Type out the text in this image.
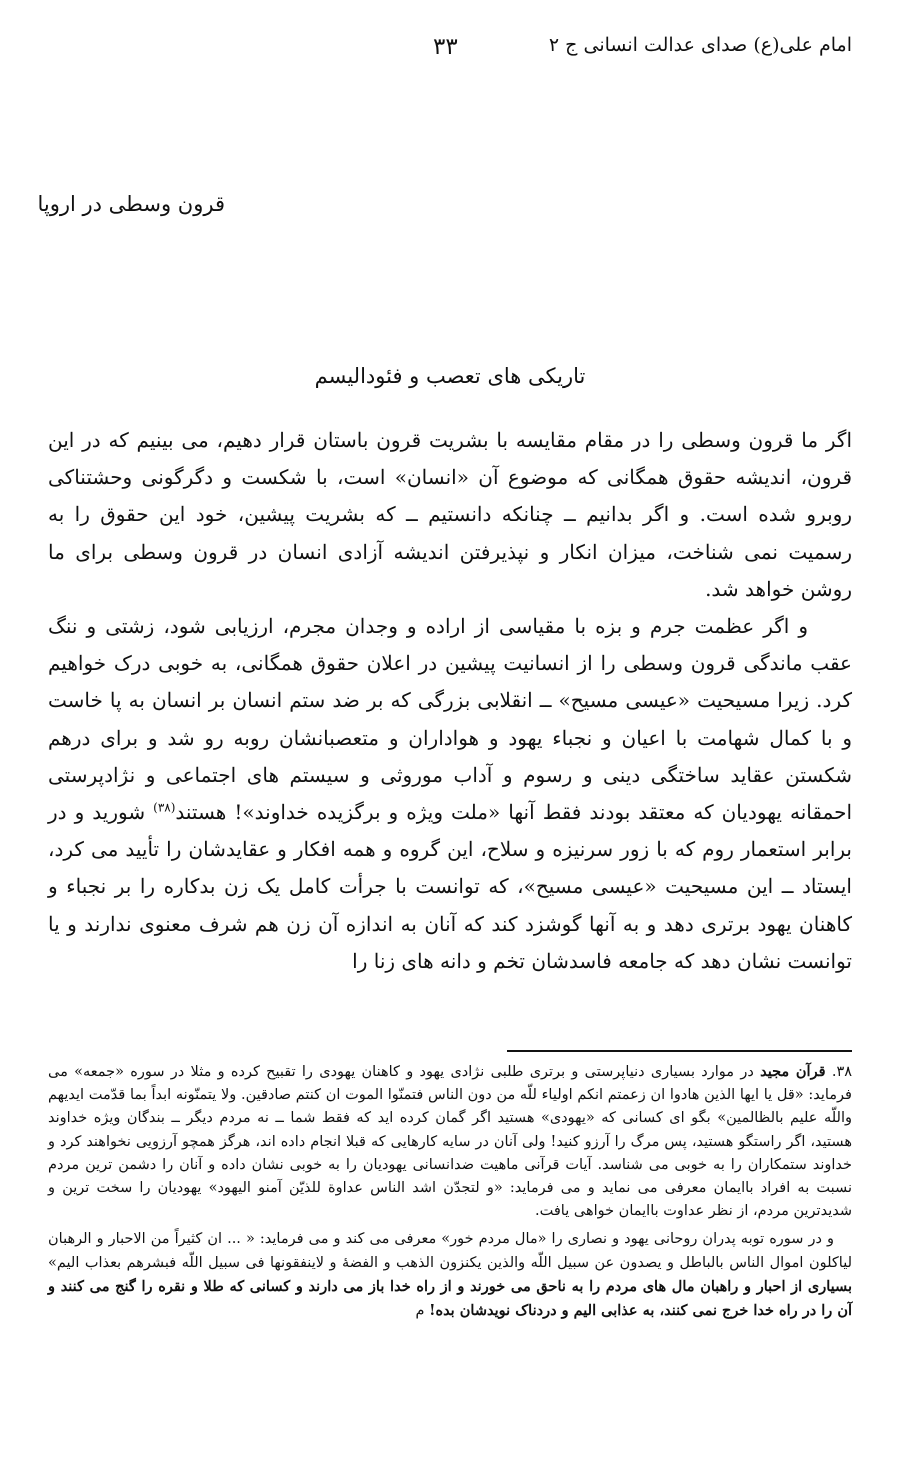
امام علی(ع) صدای عدالت انسانی ج ۲
۳۳
قرون وسطی در اروپا
تاریکی های تعصب و فئودالیسم

اگر ما قرون وسطی را در مقام مقایسه با بشریت قرون باستان قرار دهیم، می بینیم که در این قرون، اندیشه حقوق همگانی که موضوع آن «انسان» است، با شکست و دگرگونی وحشتناکی روبرو شده است. و اگر بدانیم ــ چنانکه دانستیم ــ که بشریت پیشین، خود این حقوق را به رسمیت نمی شناخت، میزان انکار و نپذیرفتن اندیشه آزادی انسان در قرون وسطی برای ما روشن خواهد شد.

و اگر عظمت جرم و بزه با مقیاسی از اراده و وجدان مجرم، ارزیابی شود، زشتی و ننگ عقب ماندگی قرون وسطی را از انسانیت پیشین در اعلان حقوق همگانی، به خوبی درک خواهیم کرد. زیرا مسیحیت «عیسی مسیح» ــ انقلابی بزرگی که بر ضد ستم انسان بر انسان به پا خاست و با کمال شهامت با اعیان و نجباء یهود و هواداران و متعصبانشان روبه رو شد و برای درهم شکستن عقاید ساختگی دینی و رسوم و آداب موروثی و سیستم های اجتماعی و نژادپرستی احمقانه یهودیان که معتقد بودند فقط آنها «ملت ویژه و برگزیده خداوند»! هستند$^{(۳۸)}$ شورید و در برابر استعمار روم که با زور سرنیزه و سلاح، این گروه و همه افکار و عقایدشان را تأیید می کرد، ایستاد ــ این مسیحیت «عیسی مسیح»، که توانست با جرأت کامل یک زن بدکاره را بر نجباء و کاهنان یهود برتری دهد و به آنها گوشزد کند که آنان به اندازه آن زن هم شرف معنوی ندارند و یا توانست نشان دهد که جامعه فاسدشان تخم و دانه های زنا را

۳۸. قرآن مجید در موارد بسیاری دنیاپرستی و برتری طلبی نژادی یهود و کاهنان یهودی را تقبیح کرده و مثلا در سوره «جمعه» می فرماید: «قل یا ایها الذین هادوا ان زعمتم انکم اولیاء للّه من دون الناس فتمنّوا الموت ان کنتم صادقین. ولا یتمنّونه ابداً بما قدّمت ایدیهم واللّه علیم بالظالمین» بگو ای کسانی که «یهودی» هستید اگر گمان کرده اید که فقط شما ــ نه مردم دیگر ــ بندگان ویژه خداوند هستید، اگر راستگو هستید، پس مرگ را آرزو کنید! ولی آنان در سایه کارهایی که قبلا انجام داده اند، هرگز همچو آرزویی نخواهند کرد و خداوند ستمکاران را به خوبی می شناسد. آیات قرآنی ماهیت ضدانسانی یهودیان را به خوبی نشان داده و آنان را دشمن ترین مردم نسبت به افراد باایمان معرفی می نماید و می فرماید: «و لتجدّن اشد الناس عداوة للذیّن آمنو الیهود» یهودیان را سخت ترین و شدیدترین مردم، از نظر عداوت باایمان خواهی یافت.

و در سوره توبه پدران روحانی یهود و نصاری را «مال مردم خور» معرفی می کند و می فرماید: « ... ان کثیراً من الاحبار و الرهبان لیاکلون اموال الناس بالباطل و یصدون عن سبیل اللّه والذین یکنزون الذهب و الفضهٔ و لاینفقونها فی سبیل اللّه فبشرهم بعذاب الیم» بسیاری از احبار و راهبان مال های مردم را به ناحق می خورند و از راه خدا باز می دارند و کسانی که طلا و نقره را گنج می کنند و آن را در راه خدا خرج نمی کنند، به عذابی الیم و دردناک نویدشان بده! م
